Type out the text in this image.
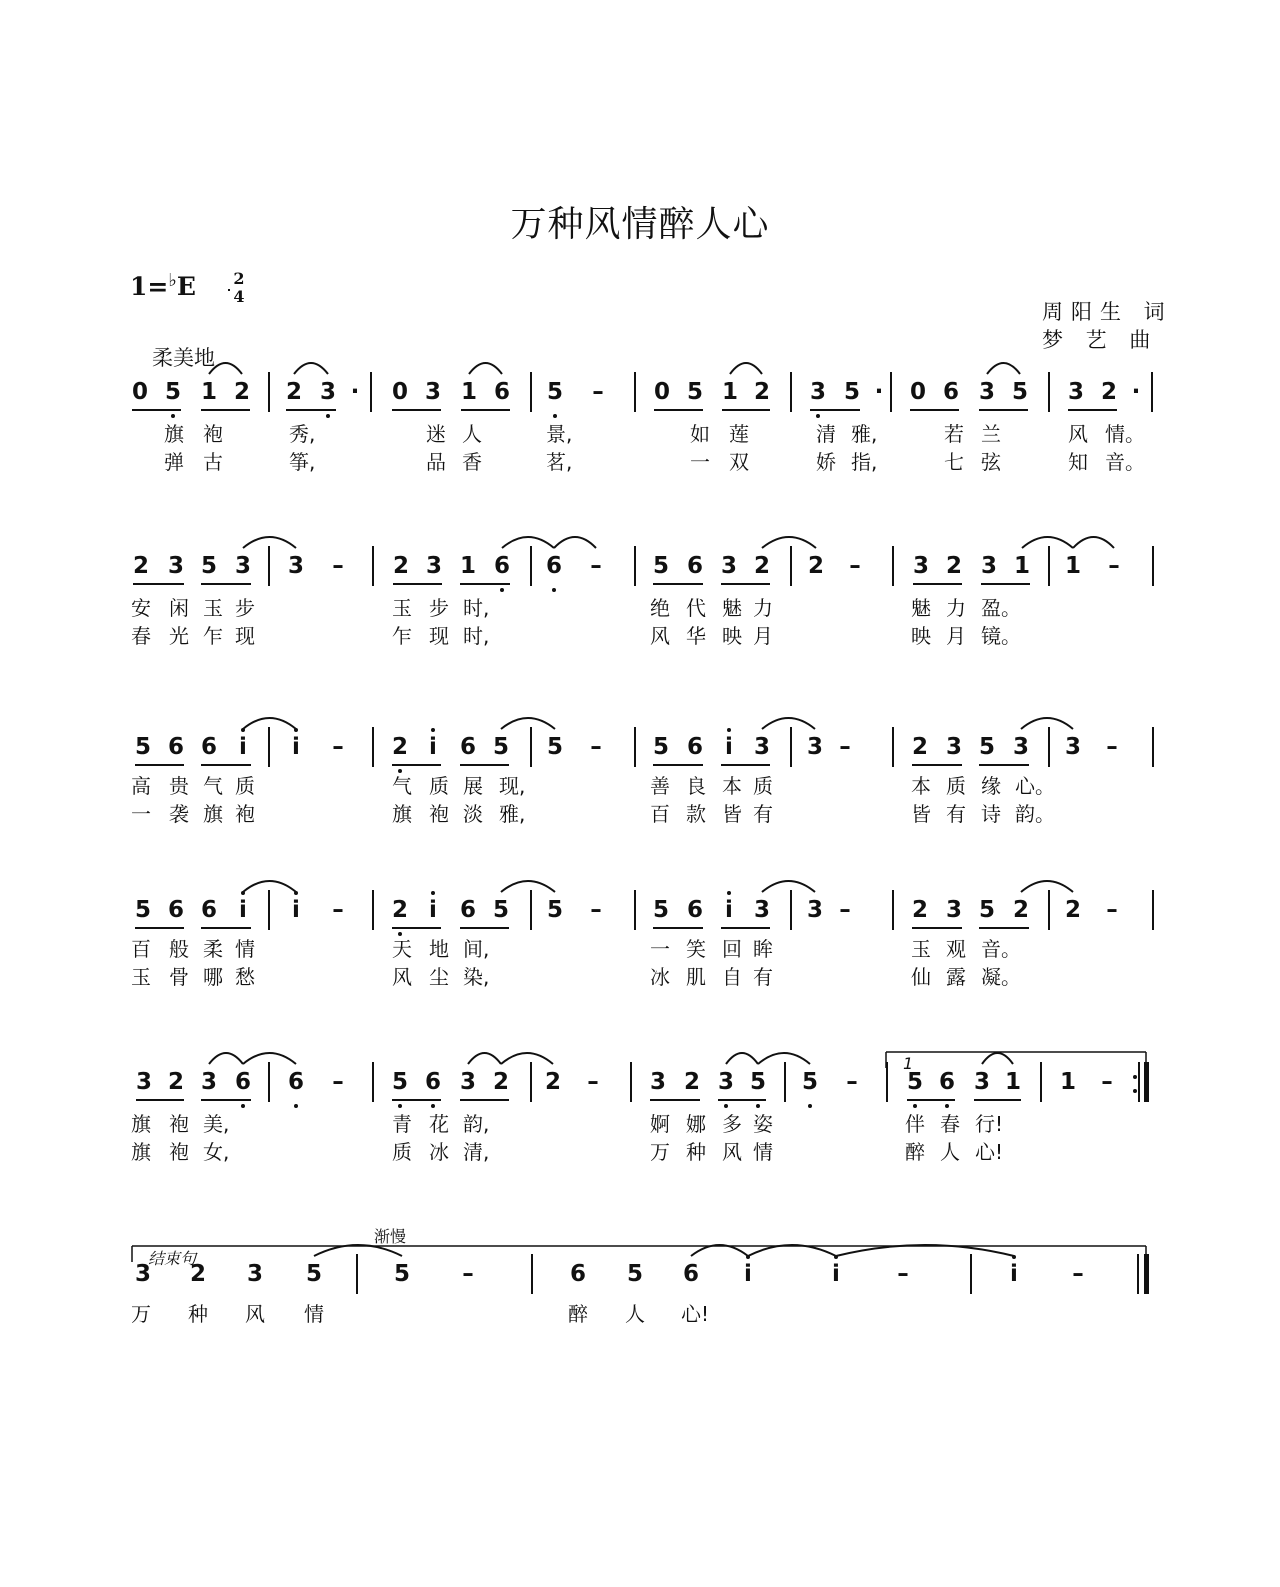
万种风情醉人心
1=♭E	2
4
周阳生 词
梦 艺 曲
柔美地
渐慢
1
结束句
0 5 1 2 2 3 · 0 3 1 6 5 – 0 5 1 2 3 5 · 0 6 3 5 3 2 ·
旗 袍	秀,	迷 人	景,	如 莲	清 雅,	若 兰	风 情。
弹 古	筝,	品 香	茗,	一 双	娇 指,	七 弦	知 音。
2 3 5 3 3 – 2 3 1 6 6 – 5 6 3 2 2 – 3 2 3 1 1 –
安 闲 玉 步	玉 步 时,	绝 代 魅 力	魅 力 盈。
春 光 乍 现	乍 现 时,	风 华 映 月	映 月 镜。
5 6 6 i i – 2 i 6 5 5 – 5 6 i 3 3 –	2 3 5 3 3 –
高 贵 气 质	气 质 展 现,	善 良 本 质	本 质 缘 心。
一 袭 旗 袍	旗 袍 淡 雅,	百 款 皆 有	皆 有 诗 韵。
5 6 6 i i – 2 i 6 5 5 – 5 6 i 3 3 –	2 3 5 2 2 –
百 般 柔 情	天 地 间,	一 笑 回 眸	玉 观 音。
玉 骨 哪 愁	风 尘 染,	冰 肌 自 有	仙 露 凝。
3 2 3 6 6 – 5 6 3 2 2 – 3 2 3 5 5 – 5 6 3 1 1 –
旗 袍 美,	青 花 韵,	婀 娜 多 姿	伴 春 行!
旗 袍 女,	质 冰 清,	万 种 风 情	醉 人 心!
3 2 3 5	5 –	6 5 6 i	i –	i –
万 种 风 情	醉 人 心!
